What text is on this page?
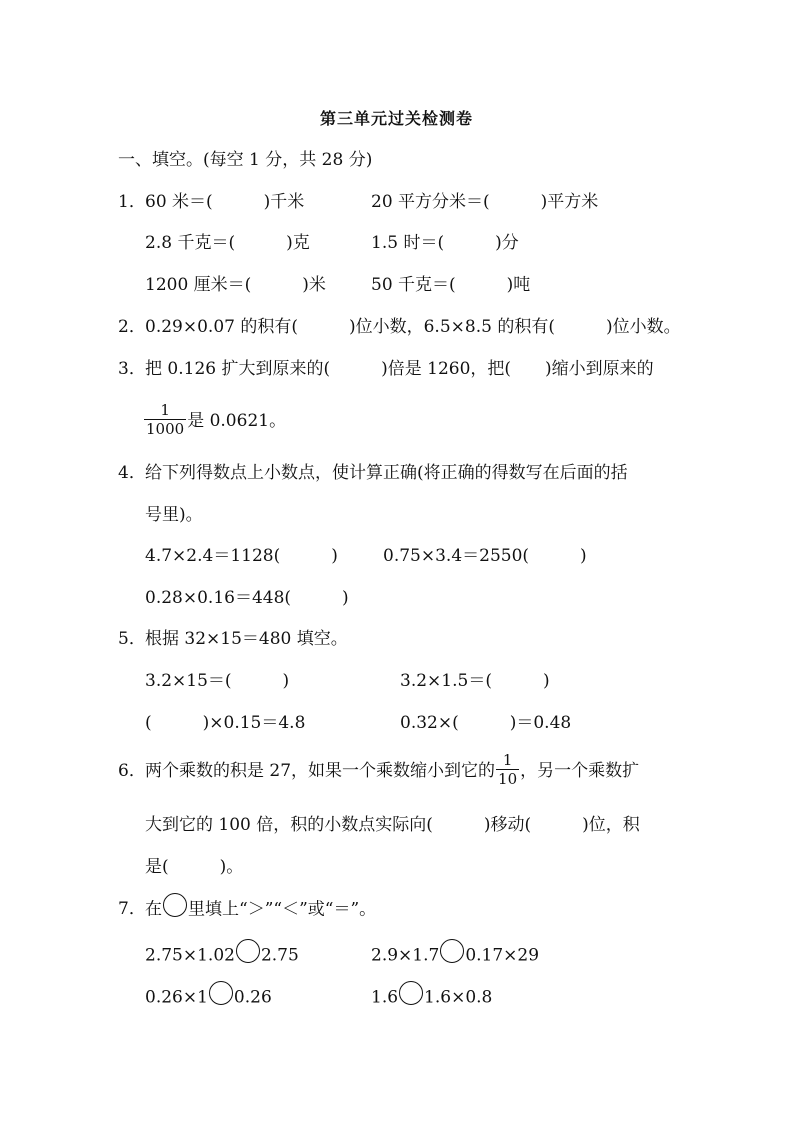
第三单元过关检测卷
一、填空。(每空 1 分，共 28 分)
1． 60 米＝(　　　)千米	20 平方分米＝(　　　)平方米
2.8 千克＝(　　　)克	1.5 时＝(　　　)分
1200 厘米＝(　　　)米	50 千克＝(　　　)吨
2． 0.29×0.07 的积有(　　　)位小数，6.5×8.5 的积有(　　　)位小数。
3． 把 0.126 扩大到原来的(　　　)倍是 1260，把(　　)缩小到原来的
$\frac{1}{1000}$ 是 0.0621。
4． 给下列得数点上小数点，使计算正确(将正确的得数写在后面的括
号里)。
4.7×2.4＝1128(　　　)	0.75×3.4＝2550(　　　)
0.28×0.16＝448(　　　)
5． 根据 32×15＝480 填空。
3.2×15＝(　　　)	3.2×1.5＝(　　　)
(　　　)×0.15＝4.8	0.32×(　　　)＝0.48
6． 两个乘数的积是 27，如果一个乘数缩小到它的 $\frac{1}{10}$ ，另一个乘数扩
大到它的 100 倍，积的小数点实际向(　　　)移动(　　　)位，积
是(　　　)。
7． 在 里填上“＞”“＜”或“＝”。
2.75×1.02 2.75	2.9×1.7 0.17×29
0.26×1 0.26	1.6 1.6×0.8
